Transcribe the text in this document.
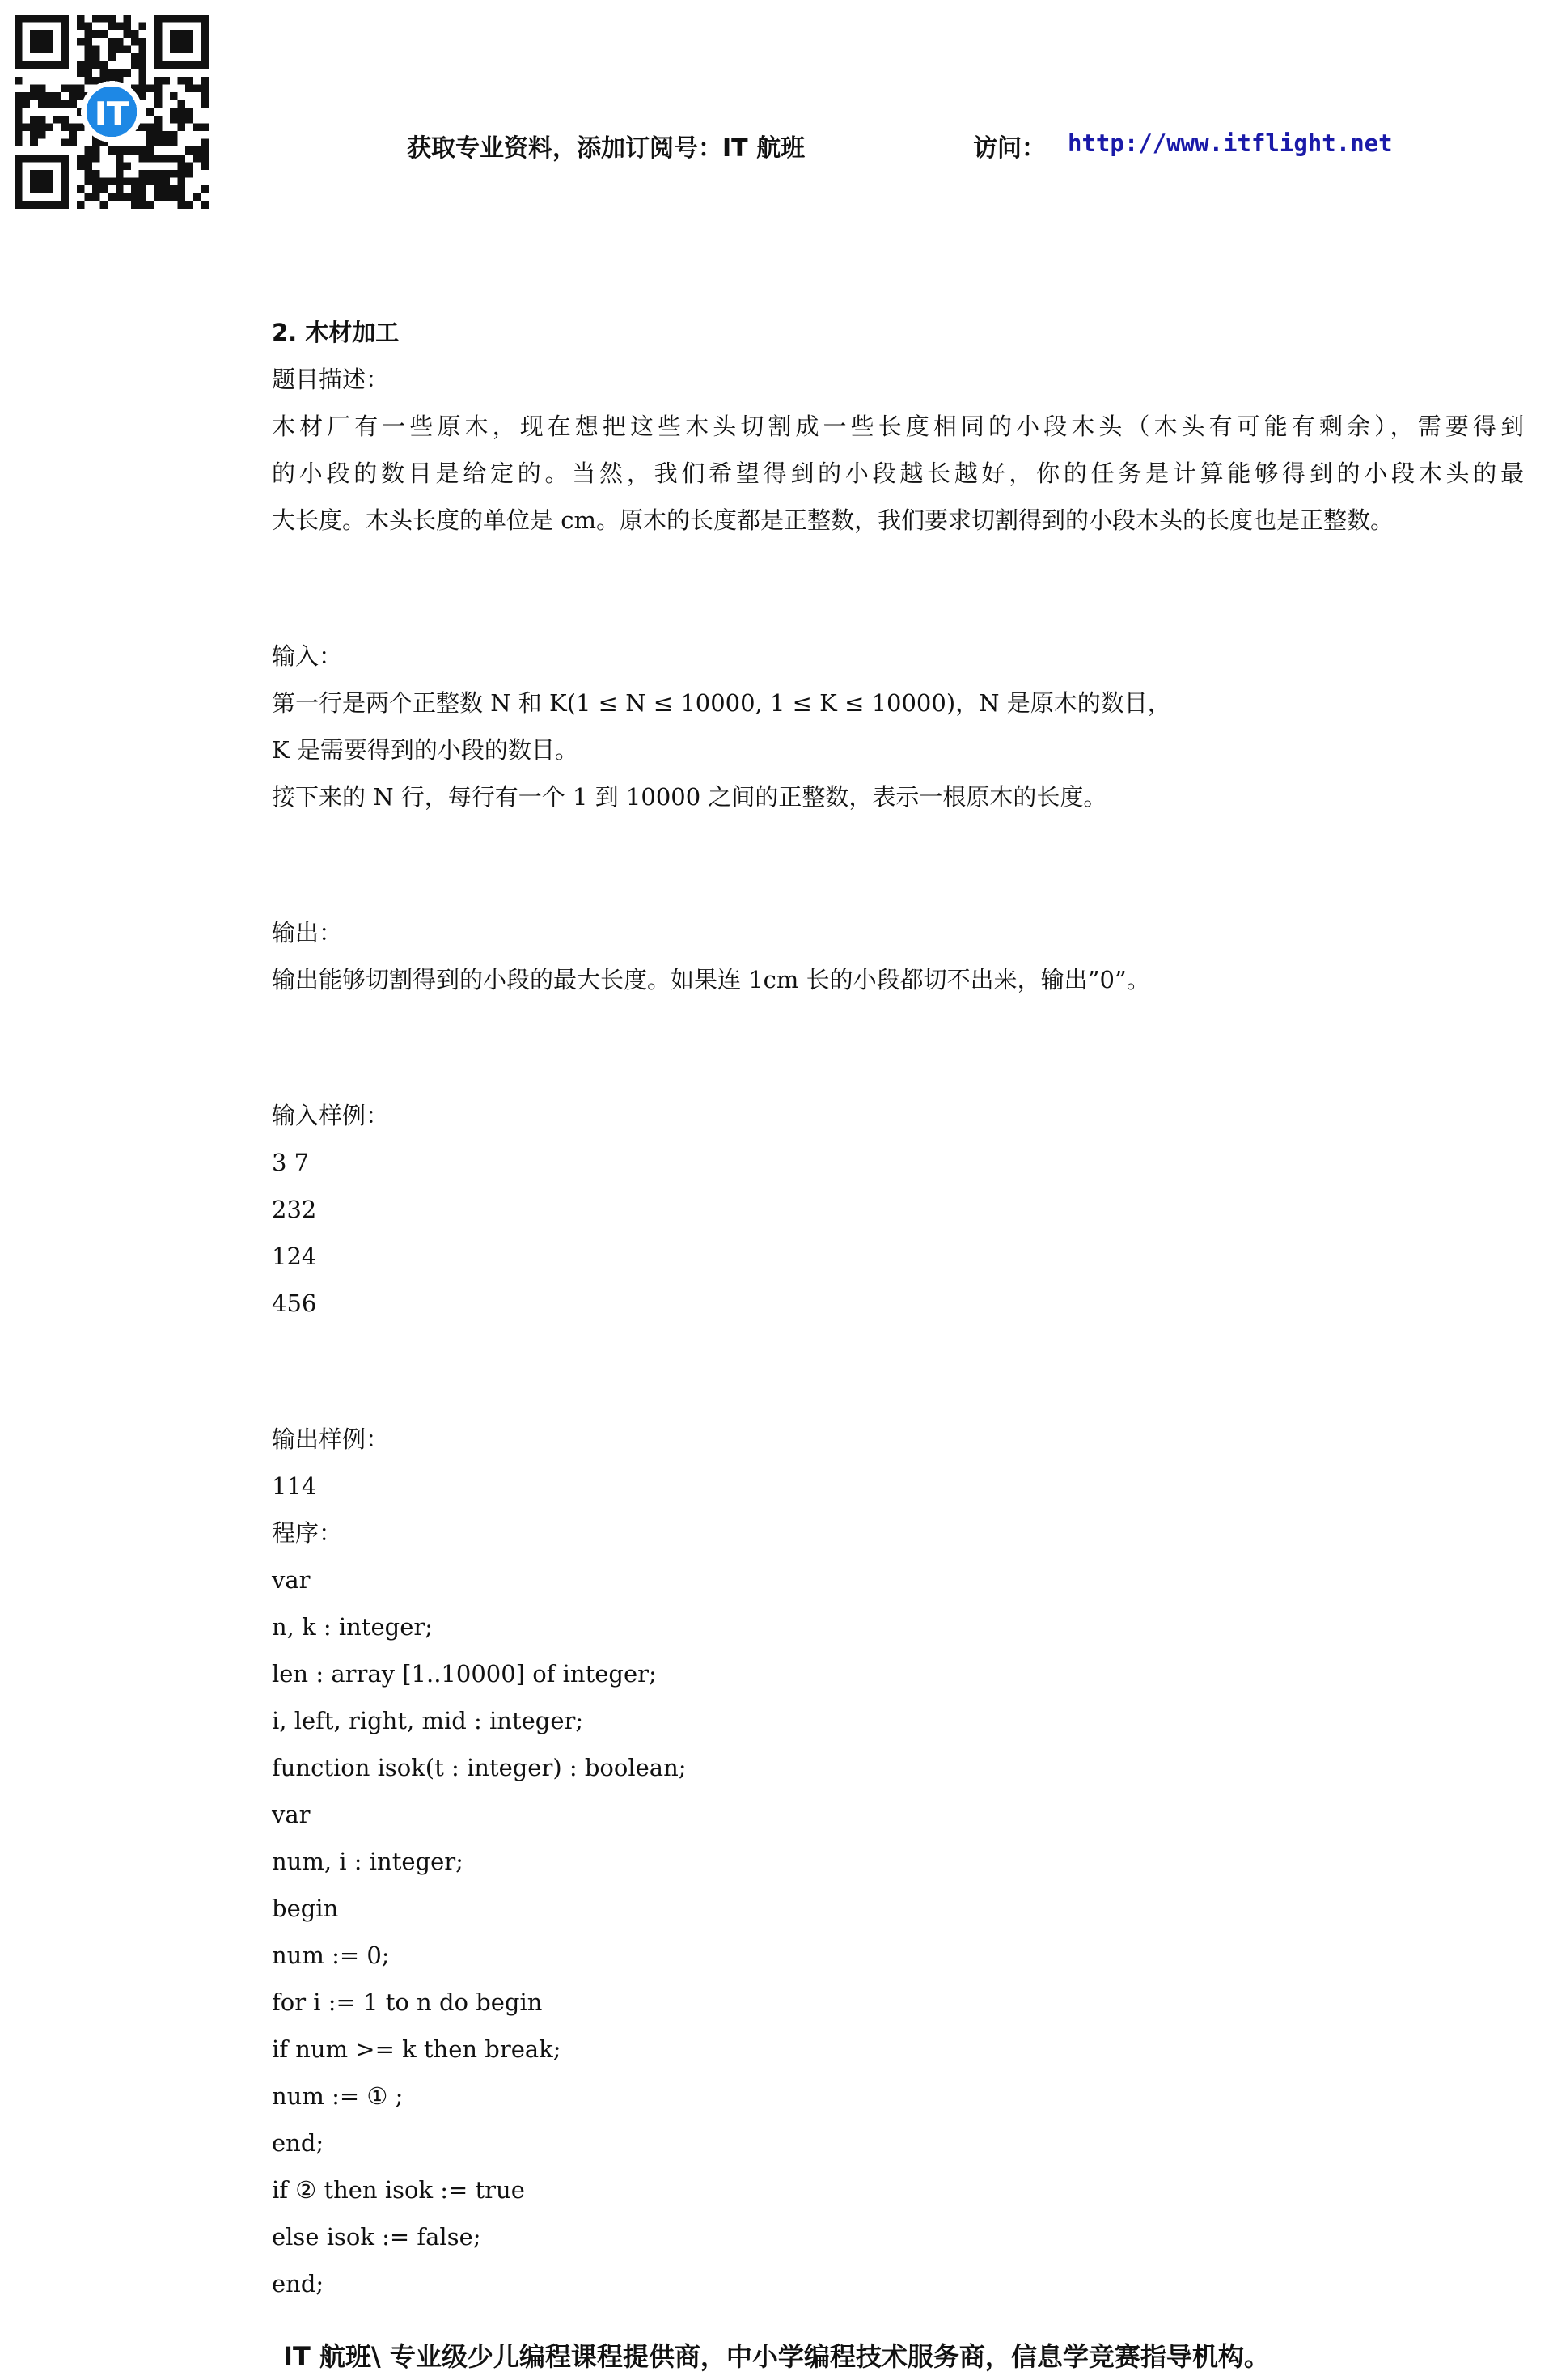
IT
获取专业资料，添加订阅号：IT 航班	访问： http://www.itflight.net
2. 木材加工
题目描述：
木材厂有一些原木，现在想把这些木头切割成一些长度相同的小段木头（木头有可能有剩余），需要得到
的小段的数目是给定的。当然，我们希望得到的小段越长越好，你的任务是计算能够得到的小段木头的最
大长度。木头长度的单位是 cm。原木的长度都是正整数，我们要求切割得到的小段木头的长度也是正整数。
输入：
第一行是两个正整数 N 和 K(1 ≤ N ≤ 10000, 1 ≤ K ≤ 10000)，N 是原木的数目，
K 是需要得到的小段的数目。
接下来的 N 行，每行有一个 1 到 10000 之间的正整数，表示一根原木的长度。
输出：
输出能够切割得到的小段的最大长度。如果连 1cm 长的小段都切不出来，输出”0”。
输入样例：
3 7
232
124
456
输出样例：
114
程序：
var
n, k : integer;
len : array [1..10000] of integer;
i, left, right, mid : integer;
function isok(t : integer) : boolean;
var
num, i : integer;
begin
num := 0;
for i := 1 to n do begin
if num >= k then break;
num := ① ;
end;
if ② then isok := true
else isok := false;
end;
IT 航班\ 专业级少儿编程课程提供商，中小学编程技术服务商，信息学竞赛指导机构。
